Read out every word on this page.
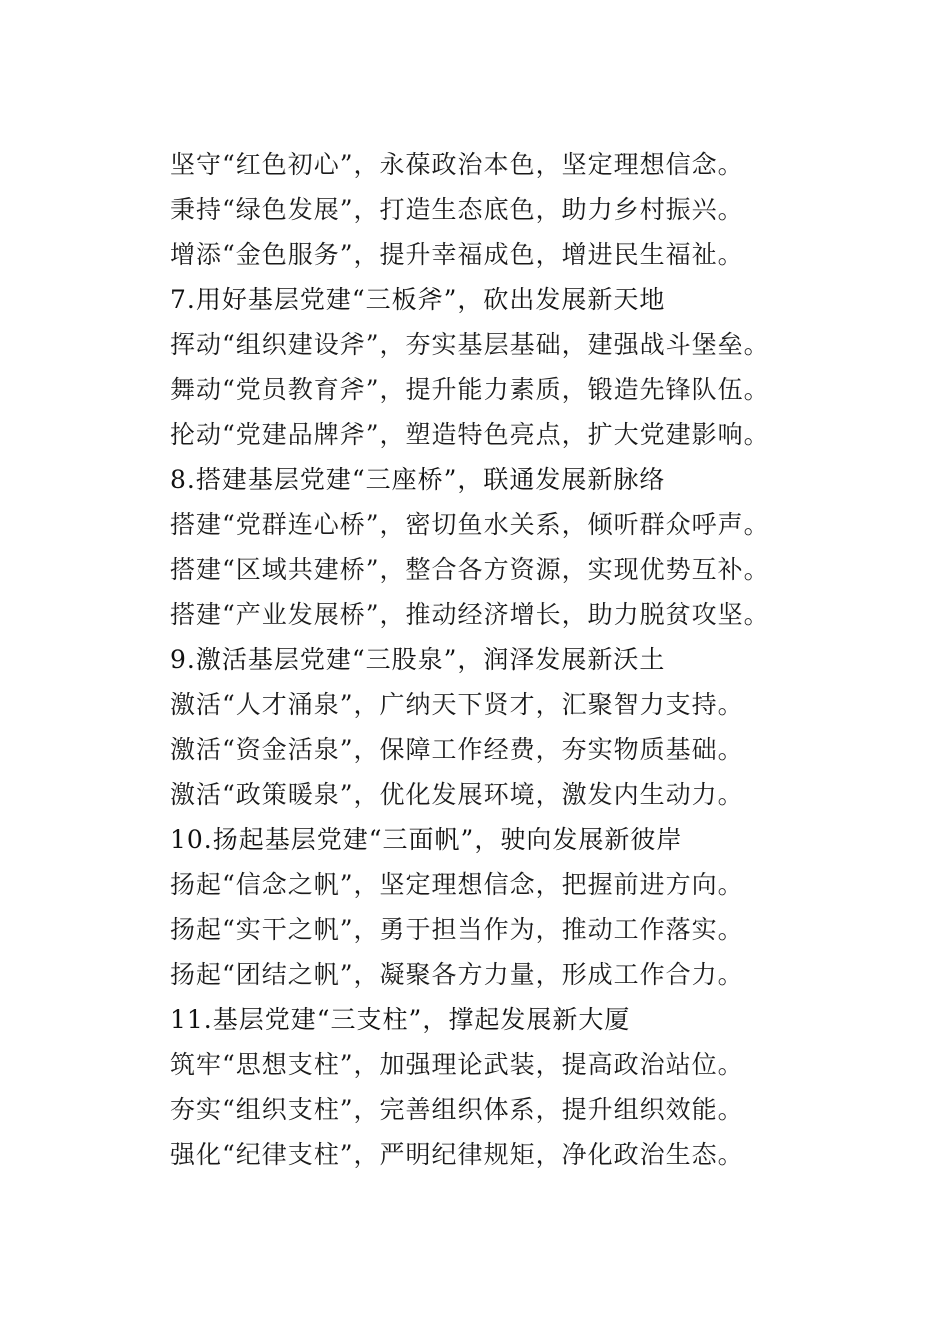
坚守“红色初心”，永葆政治本色，坚定理想信念。
秉持“绿色发展”，打造生态底色，助力乡村振兴。
增添“金色服务”，提升幸福成色，增进民生福祉。
7.用好基层党建“三板斧”，砍出发展新天地
挥动“组织建设斧”，夯实基层基础，建强战斗堡垒。
舞动“党员教育斧”，提升能力素质，锻造先锋队伍。
抡动“党建品牌斧”，塑造特色亮点，扩大党建影响。
8.搭建基层党建“三座桥”，联通发展新脉络
搭建“党群连心桥”，密切鱼水关系，倾听群众呼声。
搭建“区域共建桥”，整合各方资源，实现优势互补。
搭建“产业发展桥”，推动经济增长，助力脱贫攻坚。
9.激活基层党建“三股泉”，润泽发展新沃土
激活“人才涌泉”，广纳天下贤才，汇聚智力支持。
激活“资金活泉”，保障工作经费，夯实物质基础。
激活“政策暖泉”，优化发展环境，激发内生动力。
10.扬起基层党建“三面帆”，驶向发展新彼岸
扬起“信念之帆”，坚定理想信念，把握前进方向。
扬起“实干之帆”，勇于担当作为，推动工作落实。
扬起“团结之帆”，凝聚各方力量，形成工作合力。
11.基层党建“三支柱”，撑起发展新大厦
筑牢“思想支柱”，加强理论武装，提高政治站位。
夯实“组织支柱”，完善组织体系，提升组织效能。
强化“纪律支柱”，严明纪律规矩，净化政治生态。
